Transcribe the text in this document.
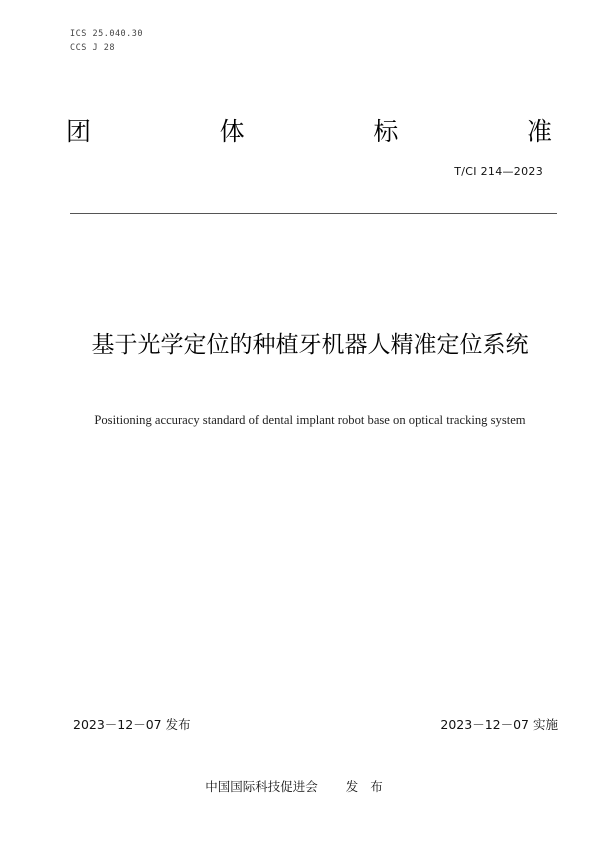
ICS 25.040.30
CCS J 28
团	体	标	准
T/CI 214—2023
基于光学定位的种植牙机器人精准定位系统
Positioning accuracy standard of dental implant robot base on optical tracking system
2023－12－07 发布	2023－12－07 实施
中国国际科技促进会 发布
